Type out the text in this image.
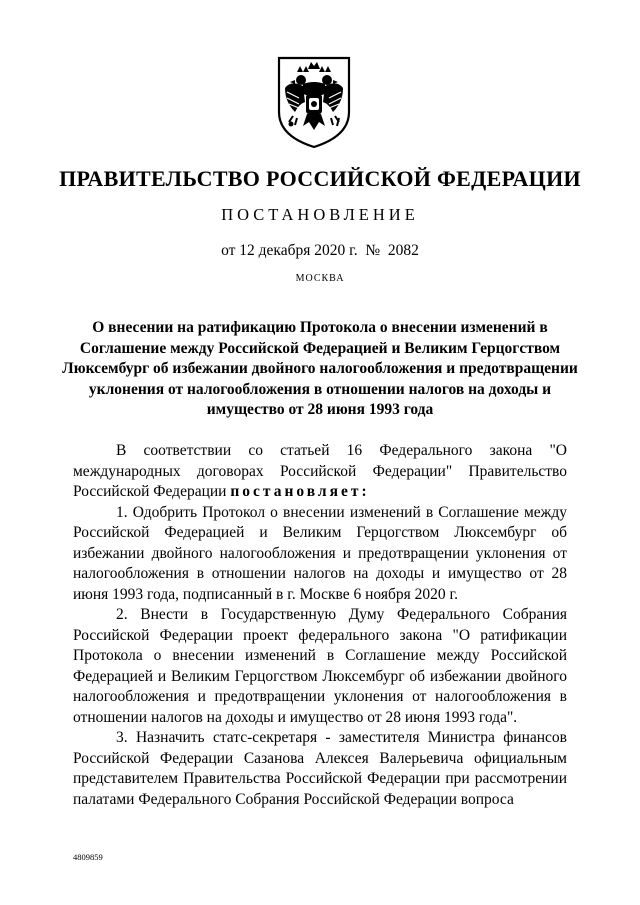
ПРАВИТЕЛЬСТВО РОССИЙСКОЙ ФЕДЕРАЦИИ
ПОСТАНОВЛЕНИЕ
от 12 декабря 2020 г.  №  2082
МОСКВА
О внесении на ратификацию Протокола о внесении изменений в Соглашение между Российской Федерацией и Великим Герцогством Люксембург об избежании двойного налогообложения и предотвращении уклонения от налогообложения в отношении налогов на доходы и имущество от 28 июня 1993 года

В соответствии со статьей 16 Федерального закона "О международных договорах Российской Федерации" Правительство Российской Федерации постановляет:

1. Одобрить Протокол о внесении изменений в Соглашение между Российской Федерацией и Великим Герцогством Люксембург об избежании двойного налогообложения и предотвращении уклонения от налогообложения в отношении налогов на доходы и имущество от 28 июня 1993 года, подписанный в г. Москве 6 ноября 2020 г.

2. Внести в Государственную Думу Федерального Собрания Российской Федерации проект федерального закона "О ратификации Протокола о внесении изменений в Соглашение между Российской Федерацией и Великим Герцогством Люксембург об избежании двойного налогообложения и предотвращении уклонения от налогообложения в отношении налогов на доходы и имущество от 28 июня 1993 года".

3. Назначить статс-секретаря - заместителя Министра финансов Российской Федерации Сазанова Алексея Валерьевича официальным представителем Правительства Российской Федерации при рассмотрении палатами Федерального Собрания Российской Федерации вопроса

4809859
